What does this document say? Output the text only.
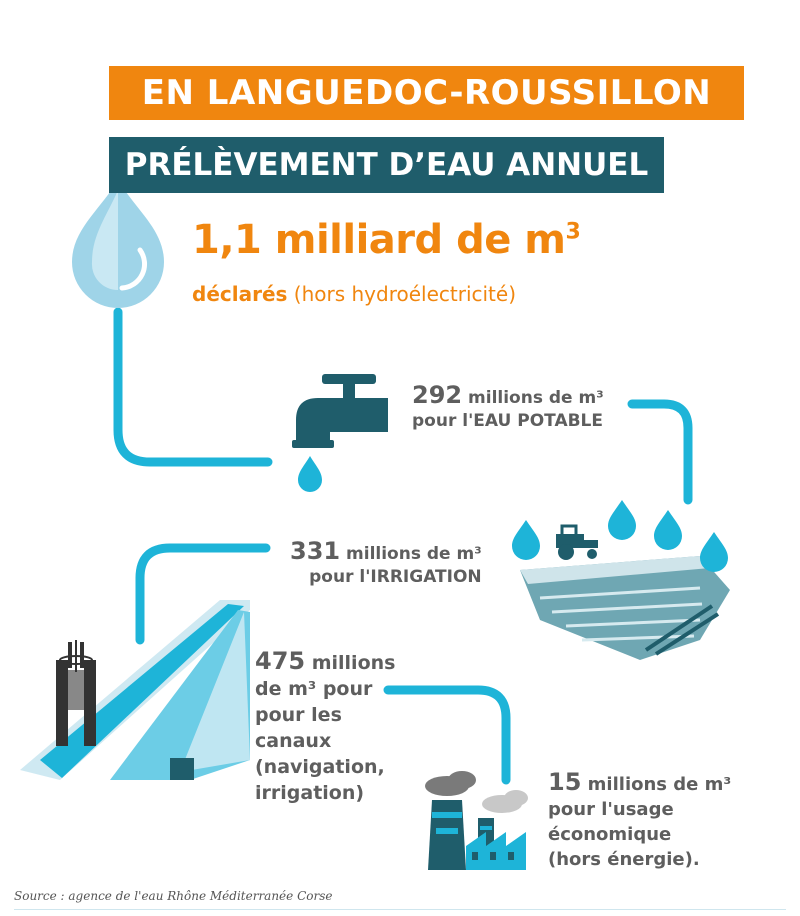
EN LANGUEDOC-ROUSSILLON
PRÉLÈVEMENT D’EAU ANNUEL
1,1 milliard de $m^3$
déclarés (hors hydroélectricité)
292 millions de m³
pour l'EAU POTABLE
331 millions de m³
pour l'IRRIGATION
475 millions
de m³ pour
pour les
canaux
(navigation,
irrigation)	15 millions de m³
pour l'usage
économique
(hors énergie).
Source : agence de l'eau Rhône Méditerranée Corse
